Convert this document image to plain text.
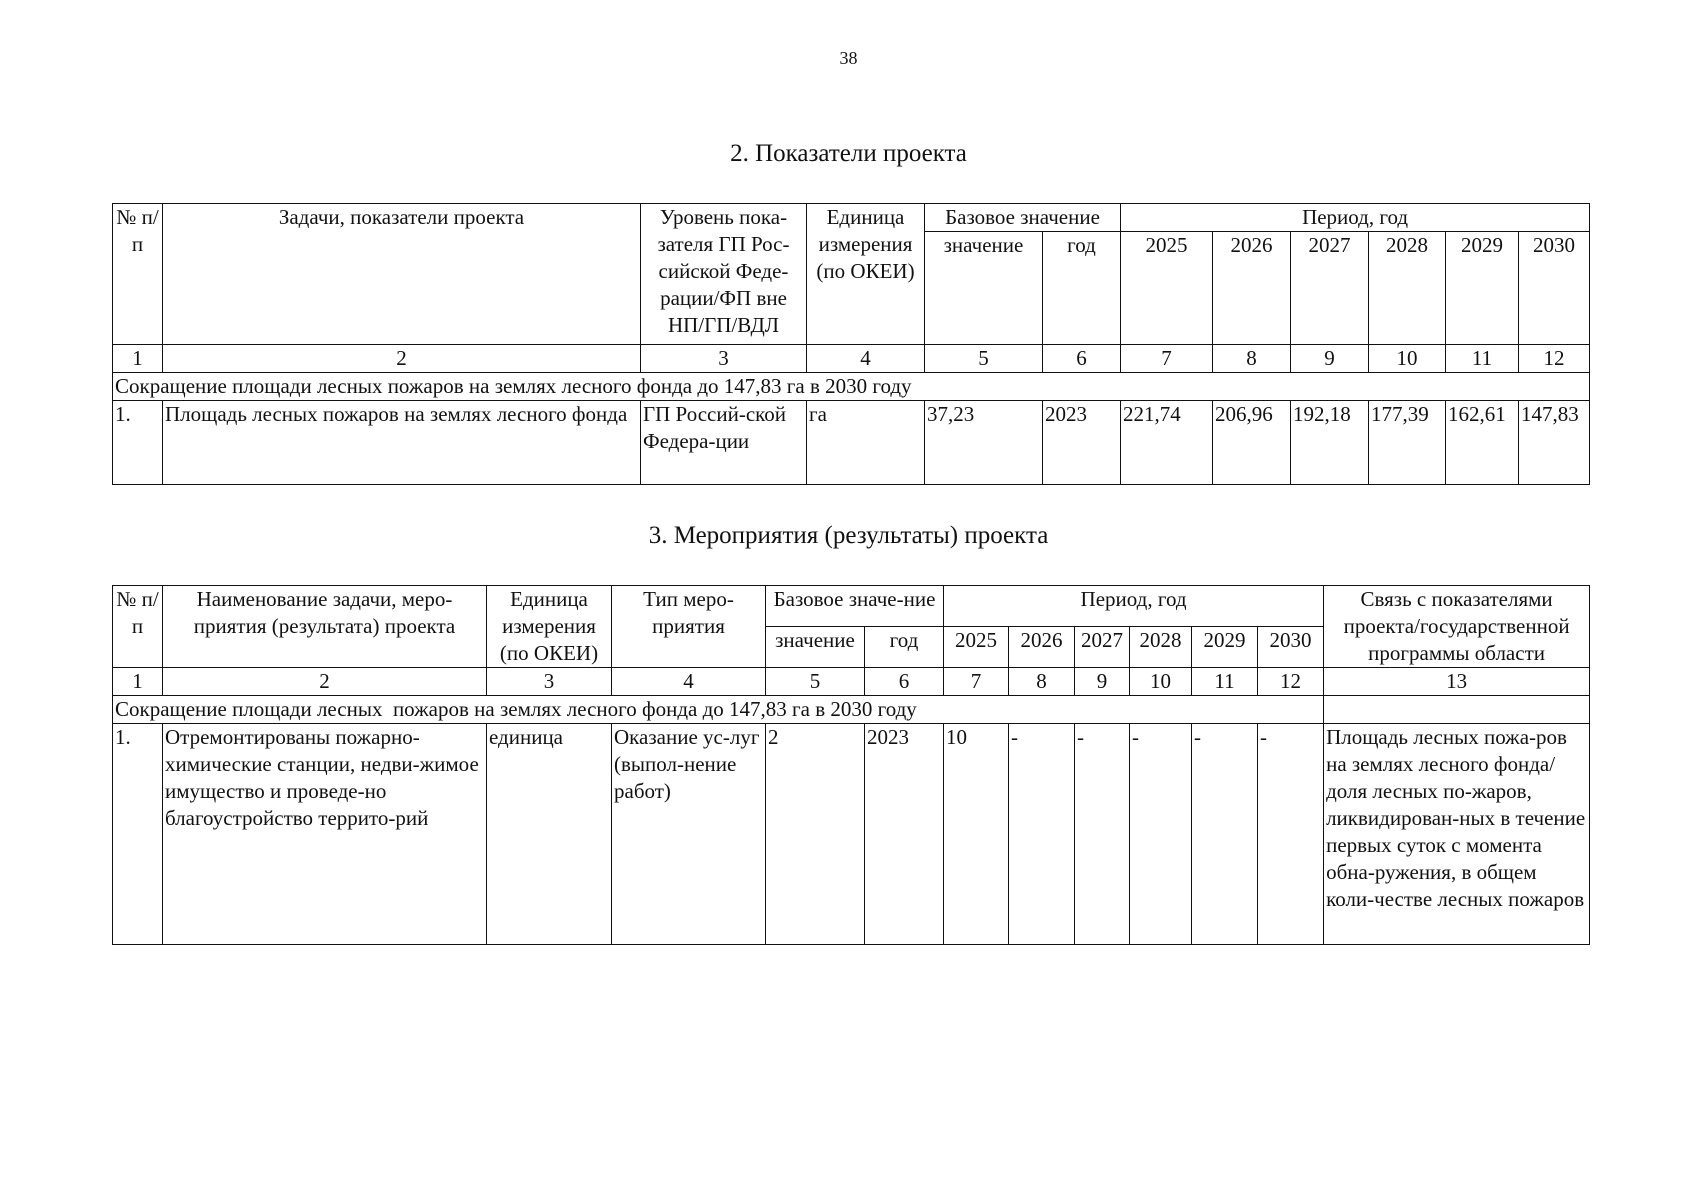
38
2. Показатели проекта
№ п/п	Задачи, показатели проекта	Уровень пока-зателя ГП Рос-сийской Феде-рации/ФП вне НП/ГП/ВДЛ	Единица измерения (по ОКЕИ)	Базовое значение		Период, год					
				значение	год	2025	2026	2027	2028	2029	2030
1	2	3	4	5	6	7	8	9	10	11	12
Сокращение площади лесных пожаров на землях лесного фонда до 147,83 га в 2030 году											
1.	Площадь лесных пожаров на землях лесного фонда	ГП Россий-ской Федера-ции	га	37,23	2023	221,74	206,96	192,18	177,39	162,61	147,83
3. Мероприятия (результаты) проекта
№ п/п	Наименование задачи, меро-приятия (результата) проекта	Единица измерения (по ОКЕИ)	Тип меро-приятия	Базовое значе-ние		Период, год						Связь с показателями проекта/государственной программы области

				значение	год	2025	2026	2027	2028	2029	2030	
1	2	3	4	5	6	7	8	9	10	11	12	13
Сокращение площади лесных  пожаров на землях лесного фонда до 147,83 га в 2030 году												
1.	Отремонтированы пожарно-химические станции, недви-жимое имущество и проведе-но благоустройство террито-рий	единица	Оказание ус-луг (выпол-нение работ)	2	2023	10	-	-	-	-	-	Площадь лесных пожа-ров на землях лесного фонда/доля лесных по-жаров, ликвидирован-ных в течение первых суток с момента обна-ружения, в общем коли-честве лесных пожаров
